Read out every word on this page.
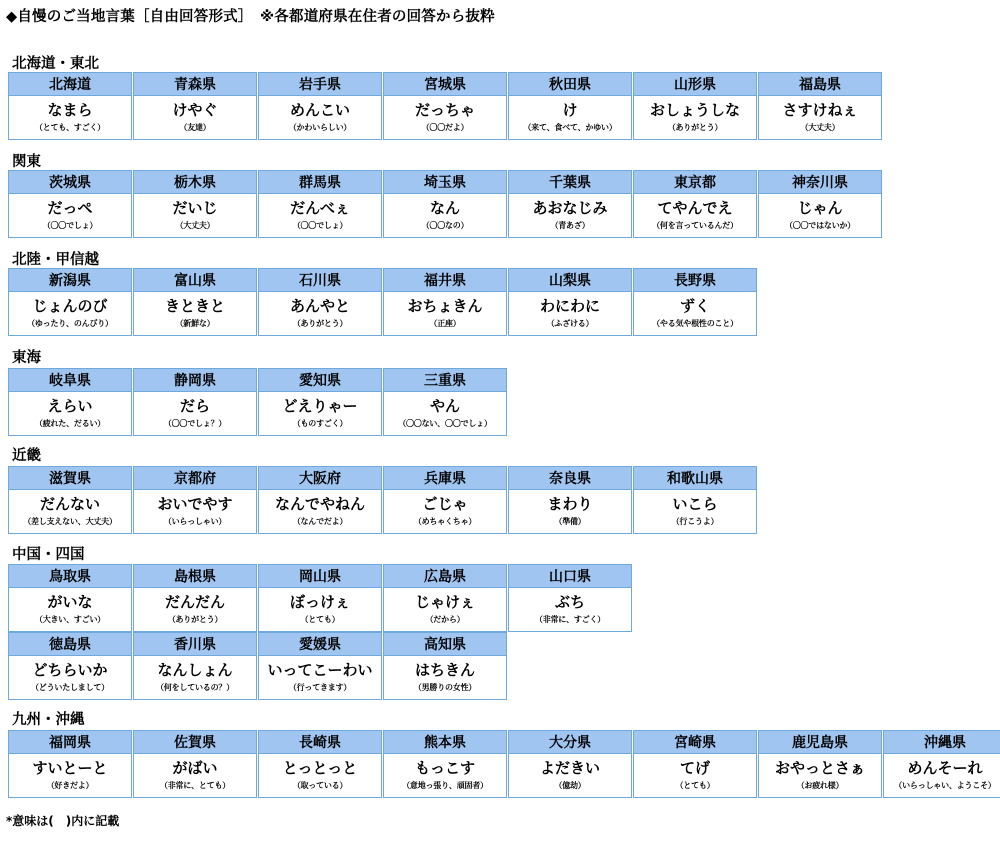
◆自慢のご当地言葉［自由回答形式］　※各都道府県在住者の回答から抜粋
北海道・東北
北海道
なまら
（とても、すごく）
青森県
けやぐ
（友達）
岩手県
めんこい
（かわいらしい）
宮城県
だっちゃ
（〇〇だよ）
秋田県
け
（来て、食べて、かゆい）
山形県
おしょうしな
（ありがとう）
福島県
さすけねぇ
（大丈夫）
関東
茨城県
だっぺ
（〇〇でしょ）
栃木県
だいじ
（大丈夫）
群馬県
だんべぇ
（〇〇でしょ）
埼玉県
なん
（〇〇なの）
千葉県
あおなじみ
（青あざ）
東京都
てやんでえ
（何を言っているんだ）
神奈川県
じゃん
（〇〇ではないか）
北陸・甲信越
新潟県
じょんのび
（ゆったり、のんびり）
富山県
きときと
（新鮮な）
石川県
あんやと
（ありがとう）
福井県
おちょきん
（正座）
山梨県
わにわに
（ふざける）
長野県
ずく
（やる気や根性のこと）
東海
岐阜県
えらい
（疲れた、だるい）
静岡県
だら
（〇〇でしょ？）
愛知県
どえりゃー
（ものすごく）
三重県
やん
（〇〇ない、〇〇でしょ）
近畿
滋賀県
だんない
（差し支えない、大丈夫）
京都府
おいでやす
（いらっしゃい）
大阪府
なんでやねん
（なんでだよ）
兵庫県
ごじゃ
（めちゃくちゃ）
奈良県
まわり
（準備）
和歌山県
いこら
（行こうよ）
中国・四国
鳥取県
がいな
（大きい、すごい）
島根県
だんだん
（ありがとう）
岡山県
ぼっけぇ
（とても）
広島県
じゃけぇ
（だから）
山口県
ぶち
（非常に、すごく）
徳島県
どちらいか
（どういたしまして）
香川県
なんしょん
（何をしているの？）
愛媛県
いってこーわい
（行ってきます）
高知県
はちきん
（男勝りの女性）
九州・沖縄
福岡県
すいとーと
（好きだよ）
佐賀県
がばい
（非常に、とても）
長崎県
とっとっと
（取っている）
熊本県
もっこす
（意地っ張り、頑固者）
大分県
よだきい
（億劫）
宮崎県
てげ
（とても）
鹿児島県
おやっとさぁ
（お疲れ様）
沖縄県
めんそーれ
（いらっしゃい、ようこそ）
*意味は(　)内に記載
